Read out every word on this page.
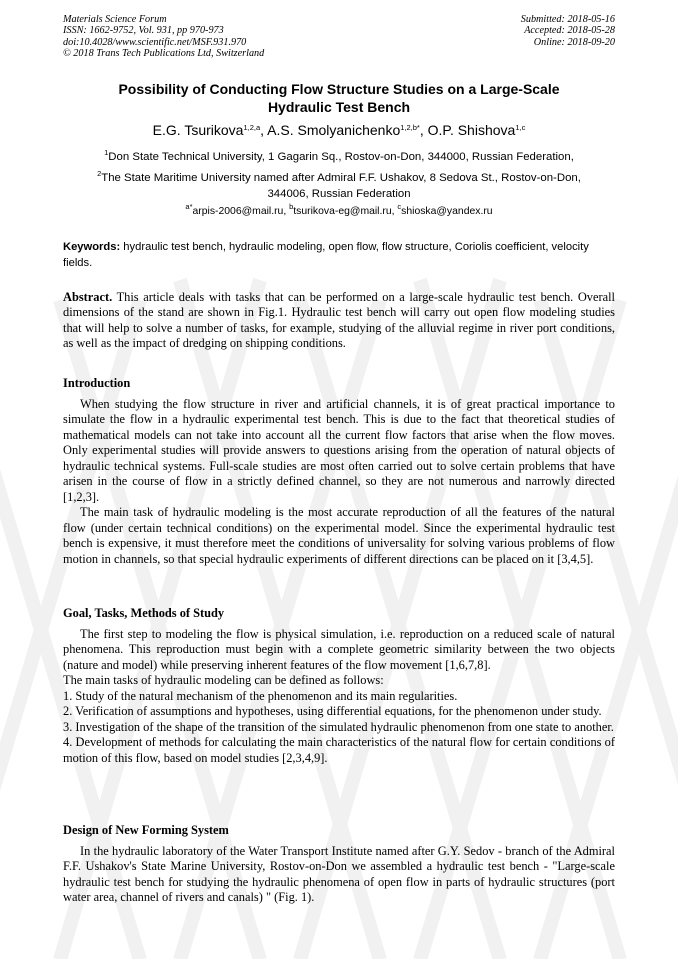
Materials Science Forum
ISSN: 1662-9752, Vol. 931, pp 970-973
doi:10.4028/www.scientific.net/MSF.931.970
© 2018 Trans Tech Publications Ltd, Switzerland
Submitted: 2018-05-16
Accepted: 2018-05-28
Online: 2018-09-20
Possibility of Conducting Flow Structure Studies on a Large-Scale
Hydraulic Test Bench
E.G. Tsurikova$^{1,2,a}$, A.S. Smolyanichenko$^{1,2,b*}$, O.P. Shishova$^{1,c}$
$^1$Don State Technical University, 1 Gagarin Sq., Rostov-on-Don, 344000, Russian Federation,
$^2$The State Maritime University named after Admiral F.F. Ushakov, 8 Sedova St., Rostov-on-Don,
344006, Russian Federation
$^{a*}$arpis-2006@mail.ru, $^b$tsurikova-eg@mail.ru, $^c$shioska@yandex.ru
Keywords: hydraulic test bench, hydraulic modeling, open flow, flow structure, Coriolis coefficient, velocity fields.

Abstract. This article deals with tasks that can be performed on a large-scale hydraulic test bench. Overall dimensions of the stand are shown in Fig.1. Hydraulic test bench will carry out open flow modeling studies that will help to solve a number of tasks, for example, studying of the alluvial regime in river port conditions, as well as the impact of dredging on shipping conditions.

Introduction

When studying the flow structure in river and artificial channels, it is of great practical importance to simulate the flow in a hydraulic experimental test bench. This is due to the fact that theoretical studies of mathematical models can not take into account all the current flow factors that arise when the flow moves. Only experimental studies will provide answers to questions arising from the operation of natural objects of hydraulic technical systems. Full-scale studies are most often carried out to solve certain problems that have arisen in the course of flow in a strictly defined channel, so they are not numerous and narrowly directed [1,2,3].

The main task of hydraulic modeling is the most accurate reproduction of all the features of the natural flow (under certain technical conditions) on the experimental model. Since the experimental hydraulic test bench is expensive, it must therefore meet the conditions of universality for solving various problems of flow motion in channels, so that special hydraulic experiments of different directions can be placed on it [3,4,5].

Goal, Tasks, Methods of Study

The first step to modeling the flow is physical simulation, i.e. reproduction on a reduced scale of natural phenomena. This reproduction must begin with a complete geometric similarity between the two objects (nature and model) while preserving inherent features of the flow movement [1,6,7,8].

The main tasks of hydraulic modeling can be defined as follows:

1. Study of the natural mechanism of the phenomenon and its main regularities.

2. Verification of assumptions and hypotheses, using differential equations, for the phenomenon under study.

3. Investigation of the shape of the transition of the simulated hydraulic phenomenon from one state to another.

4. Development of methods for calculating the main characteristics of the natural flow for certain conditions of motion of this flow, based on model studies [2,3,4,9].

Design of New Forming System

In the hydraulic laboratory of the Water Transport Institute named after G.Y. Sedov - branch of the Admiral F.F. Ushakov's State Marine University, Rostov-on-Don we assembled a hydraulic test bench - "Large-scale hydraulic test bench for studying the hydraulic phenomena of open flow in parts of hydraulic structures (port water area, channel of rivers and canals) " (Fig. 1).
